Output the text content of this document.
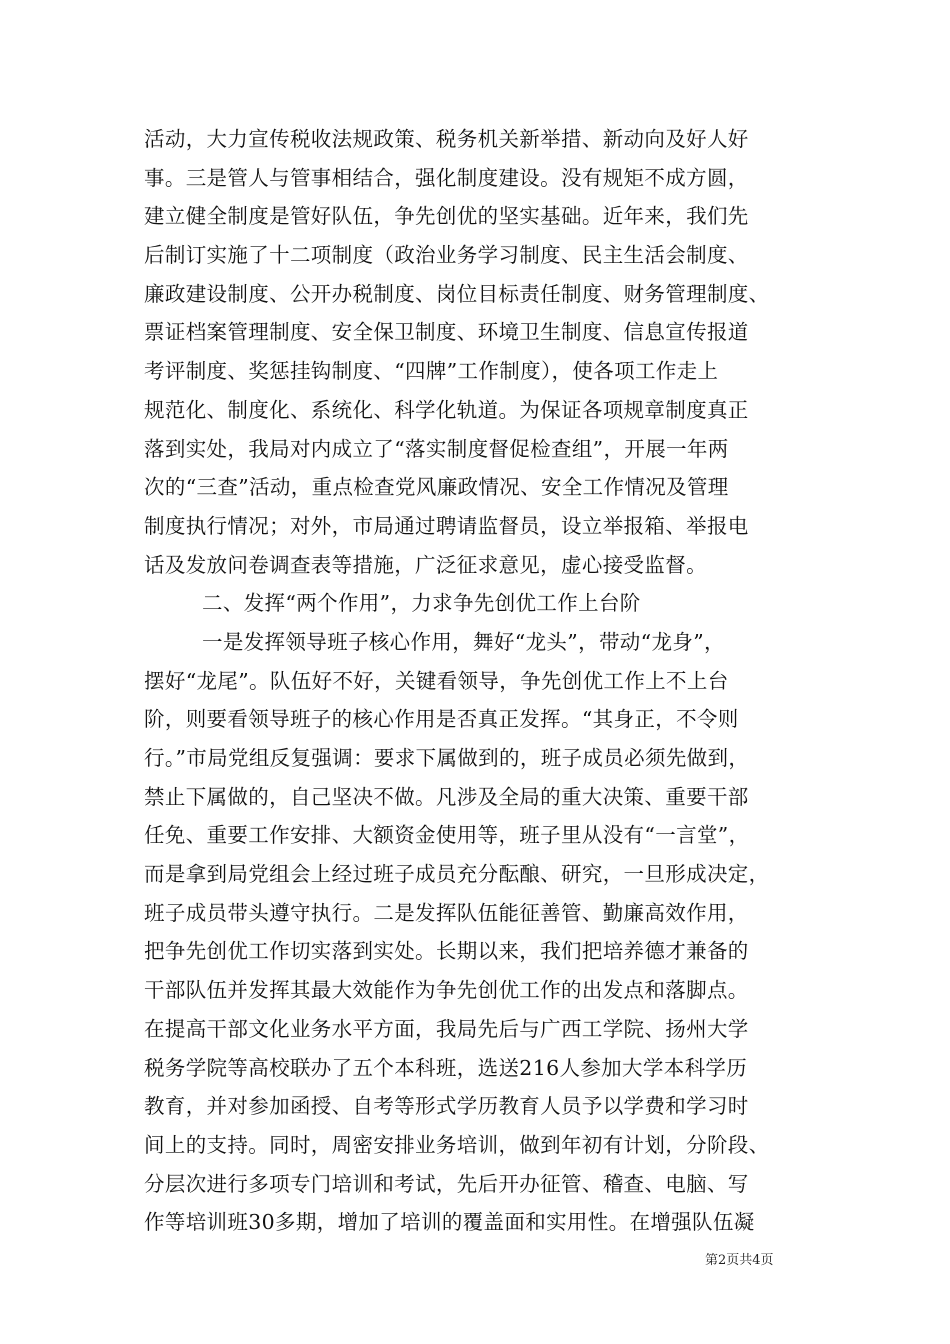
活动，大力宣传税收法规政策、税务机关新举措、新动向及好人好
事。三是管人与管事相结合，强化制度建设。没有规矩不成方圆，
建立健全制度是管好队伍，争先创优的坚实基础。近年来，我们先
后制订实施了十二项制度（政治业务学习制度、民主生活会制度、
廉政建设制度、公开办税制度、岗位目标责任制度、财务管理制度、
票证档案管理制度、安全保卫制度、环境卫生制度、信息宣传报道
考评制度、奖惩挂钩制度、“四牌”工作制度），使各项工作走上
规范化、制度化、系统化、科学化轨道。为保证各项规章制度真正
落到实处，我局对内成立了“落实制度督促检查组”，开展一年两
次的“三查”活动，重点检查党风廉政情况、安全工作情况及管理
制度执行情况；对外，市局通过聘请监督员，设立举报箱、举报电
话及发放问卷调查表等措施，广泛征求意见，虚心接受监督。
二、发挥“两个作用”，力求争先创优工作上台阶
一是发挥领导班子核心作用，舞好“龙头”，带动“龙身”，
摆好“龙尾”。队伍好不好，关键看领导，争先创优工作上不上台
阶，则要看领导班子的核心作用是否真正发挥。“其身正，不令则
行。”市局党组反复强调：要求下属做到的，班子成员必须先做到，
禁止下属做的，自己坚决不做。凡涉及全局的重大决策、重要干部
任免、重要工作安排、大额资金使用等，班子里从没有“一言堂”，
而是拿到局党组会上经过班子成员充分酝酿、研究，一旦形成决定，
班子成员带头遵守执行。二是发挥队伍能征善管、勤廉高效作用，
把争先创优工作切实落到实处。长期以来，我们把培养德才兼备的
干部队伍并发挥其最大效能作为争先创优工作的出发点和落脚点。
在提高干部文化业务水平方面，我局先后与广西工学院、扬州大学
税务学院等高校联办了五个本科班，选送216人参加大学本科学历
教育，并对参加函授、自考等形式学历教育人员予以学费和学习时
间上的支持。同时，周密安排业务培训，做到年初有计划，分阶段、
分层次进行多项专门培训和考试，先后开办征管、稽查、电脑、写
作等培训班30多期，增加了培训的覆盖面和实用性。在增强队伍凝
第2页共4页
